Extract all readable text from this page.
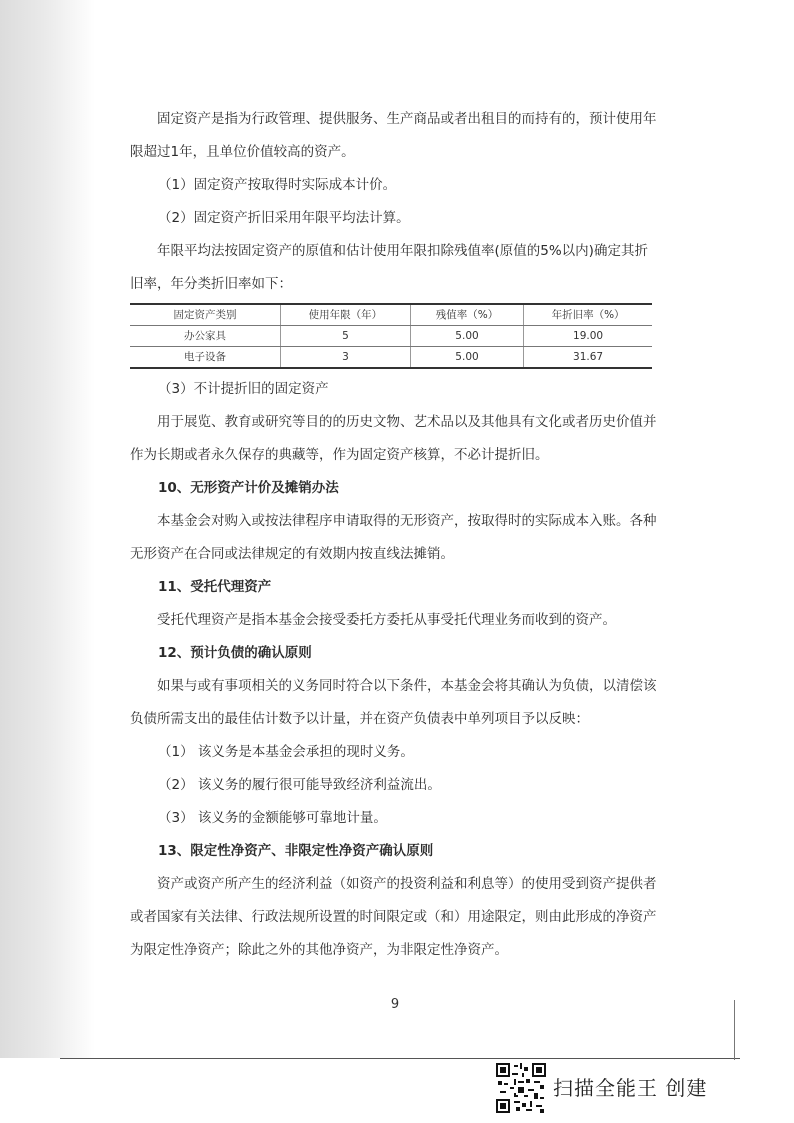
固定资产是指为行政管理、提供服务、生产商品或者出租目的而持有的，预计使用年限超过1年，且单位价值较高的资产。

（1）固定资产按取得时实际成本计价。

（2）固定资产折旧采用年限平均法计算。

年限平均法按固定资产的原值和估计使用年限扣除残值率(原值的5%以内)确定其折旧率，年分类折旧率如下：

固定资产类别	使用年限（年）	残值率（%）	年折旧率（%）
办公家具	5	5.00	19.00
电子设备	3	5.00	31.67

（3）不计提折旧的固定资产

用于展览、教育或研究等目的的历史文物、艺术品以及其他具有文化或者历史价值并作为长期或者永久保存的典藏等，作为固定资产核算，不必计提折旧。

10、无形资产计价及摊销办法

本基金会对购入或按法律程序申请取得的无形资产，按取得时的实际成本入账。各种无形资产在合同或法律规定的有效期内按直线法摊销。

11、受托代理资产

受托代理资产是指本基金会接受委托方委托从事受托代理业务而收到的资产。

12、预计负债的确认原则

如果与或有事项相关的义务同时符合以下条件，本基金会将其确认为负债，以清偿该负债所需支出的最佳估计数予以计量，并在资产负债表中单列项目予以反映：

（1） 该义务是本基金会承担的现时义务。

（2） 该义务的履行很可能导致经济利益流出。

（3） 该义务的金额能够可靠地计量。

13、限定性净资产、非限定性净资产确认原则

资产或资产所产生的经济利益（如资产的投资利益和利息等）的使用受到资产提供者或者国家有关法律、行政法规所设置的时间限定或（和）用途限定，则由此形成的净资产为限定性净资产；除此之外的其他净资产，为非限定性净资产。

9
扫描全能王 创建
